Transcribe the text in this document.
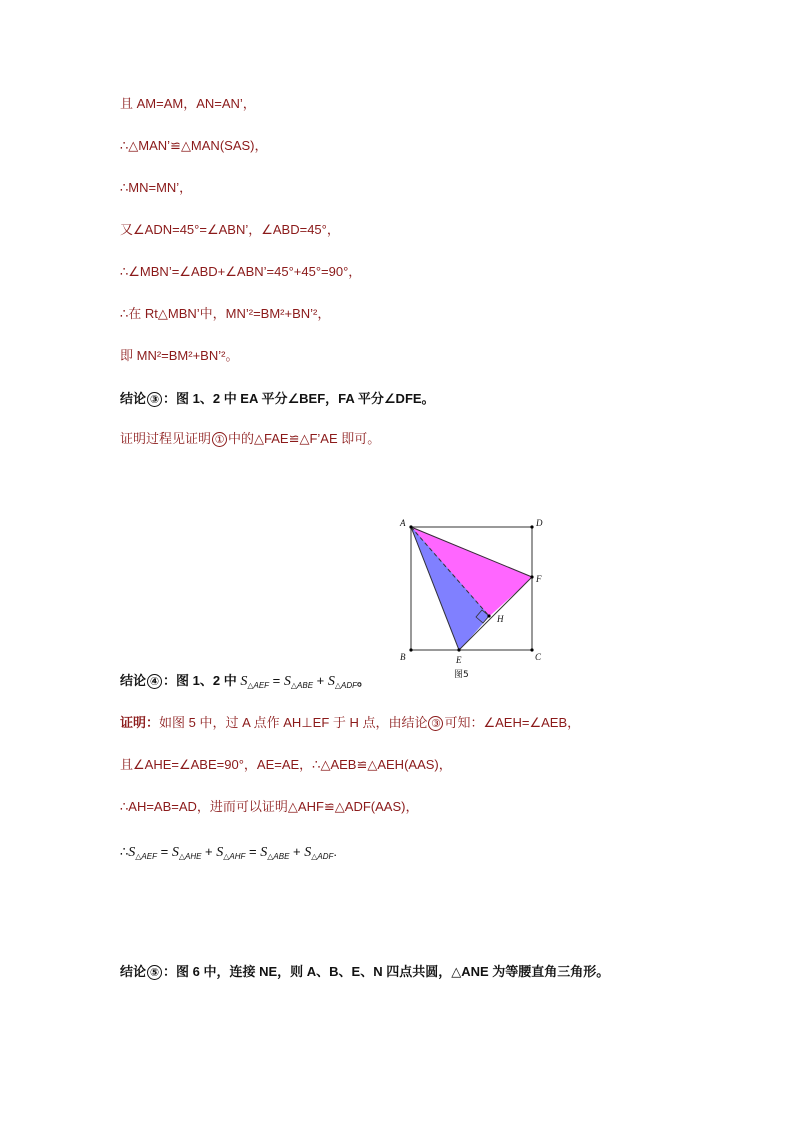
且 AM=AM，AN=AN’，
∴△MAN’≌△MAN(SAS)，
∴MN=MN’，
又∠ADN=45°=∠ABN’，∠ABD=45°，
∴∠MBN’=∠ABD+∠ABN’=45°+45°=90°，
∴在 Rt△MBN’中，MN’²=BM²+BN’²，
即 MN²=BM²+BN’²。
结论 ③ ：图 1、2 中 EA 平分∠BEF，FA 平分∠DFE。
证明过程见证明 ① 中的△FAE≌△F’AE 即可。
A	D
B	C
E
F
H
图5
结论 ④ ：图 1、2 中 $S_{\triangle AEF} = S_{\triangle ABE} + S_{\triangle ADF}$。
证明：如图 5 中，过 A 点作 AH⊥EF 于 H 点，由结论 ③ 可知：∠AEH=∠AEB，
且∠AHE=∠ABE=90°，AE=AE，∴△AEB≌△AEH(AAS)，
∴AH=AB=AD，进而可以证明△AHF≌△ADF(AAS)，
$\therefore S_{\triangle AEF} = S_{\triangle AHE} + S_{\triangle AHF} = S_{\triangle ABE} + S_{\triangle ADF}$.
结论 ⑤ ：图 6 中，连接 NE，则 A、B、E、N 四点共圆，△ANE 为等腰直角三角形。
